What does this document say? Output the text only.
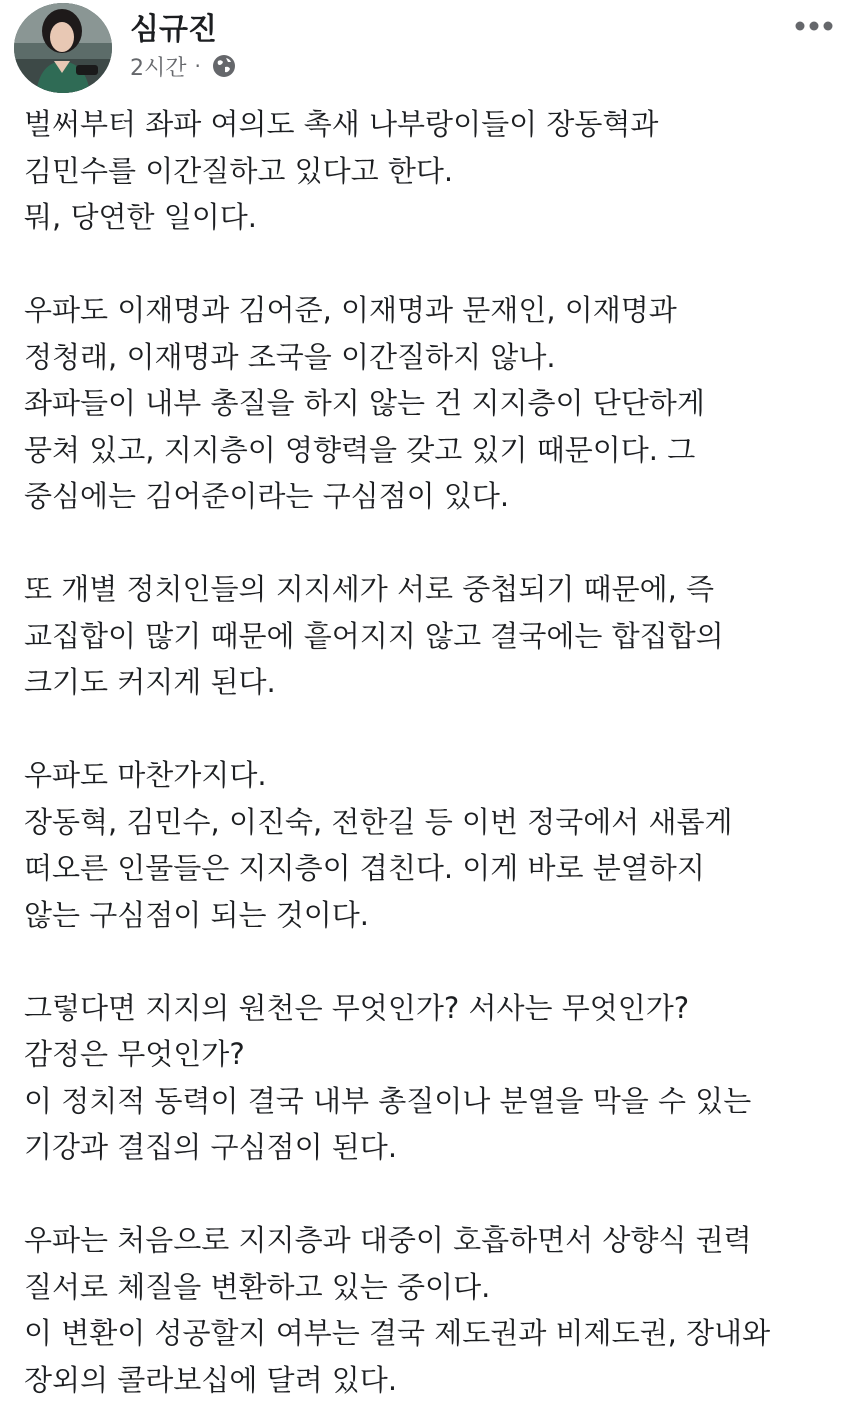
심규진
2시간 ·
벌써부터 좌파 여의도 촉새 나부랑이들이 장동혁과
김민수를 이간질하고 있다고 한다.
뭐, 당연한 일이다.
우파도 이재명과 김어준, 이재명과 문재인, 이재명과
정청래, 이재명과 조국을 이간질하지 않나.
좌파들이 내부 총질을 하지 않는 건 지지층이 단단하게
뭉쳐 있고, 지지층이 영향력을 갖고 있기 때문이다. 그
중심에는 김어준이라는 구심점이 있다.
또 개별 정치인들의 지지세가 서로 중첩되기 때문에, 즉
교집합이 많기 때문에 흩어지지 않고 결국에는 합집합의
크기도 커지게 된다.
우파도 마찬가지다.
장동혁, 김민수, 이진숙, 전한길 등 이번 정국에서 새롭게
떠오른 인물들은 지지층이 겹친다. 이게 바로 분열하지
않는 구심점이 되는 것이다.
그렇다면 지지의 원천은 무엇인가? 서사는 무엇인가?
감정은 무엇인가?
이 정치적 동력이 결국 내부 총질이나 분열을 막을 수 있는
기강과 결집의 구심점이 된다.
우파는 처음으로 지지층과 대중이 호흡하면서 상향식 권력
질서로 체질을 변환하고 있는 중이다.
이 변환이 성공할지 여부는 결국 제도권과 비제도권, 장내와
장외의 콜라보십에 달려 있다.
